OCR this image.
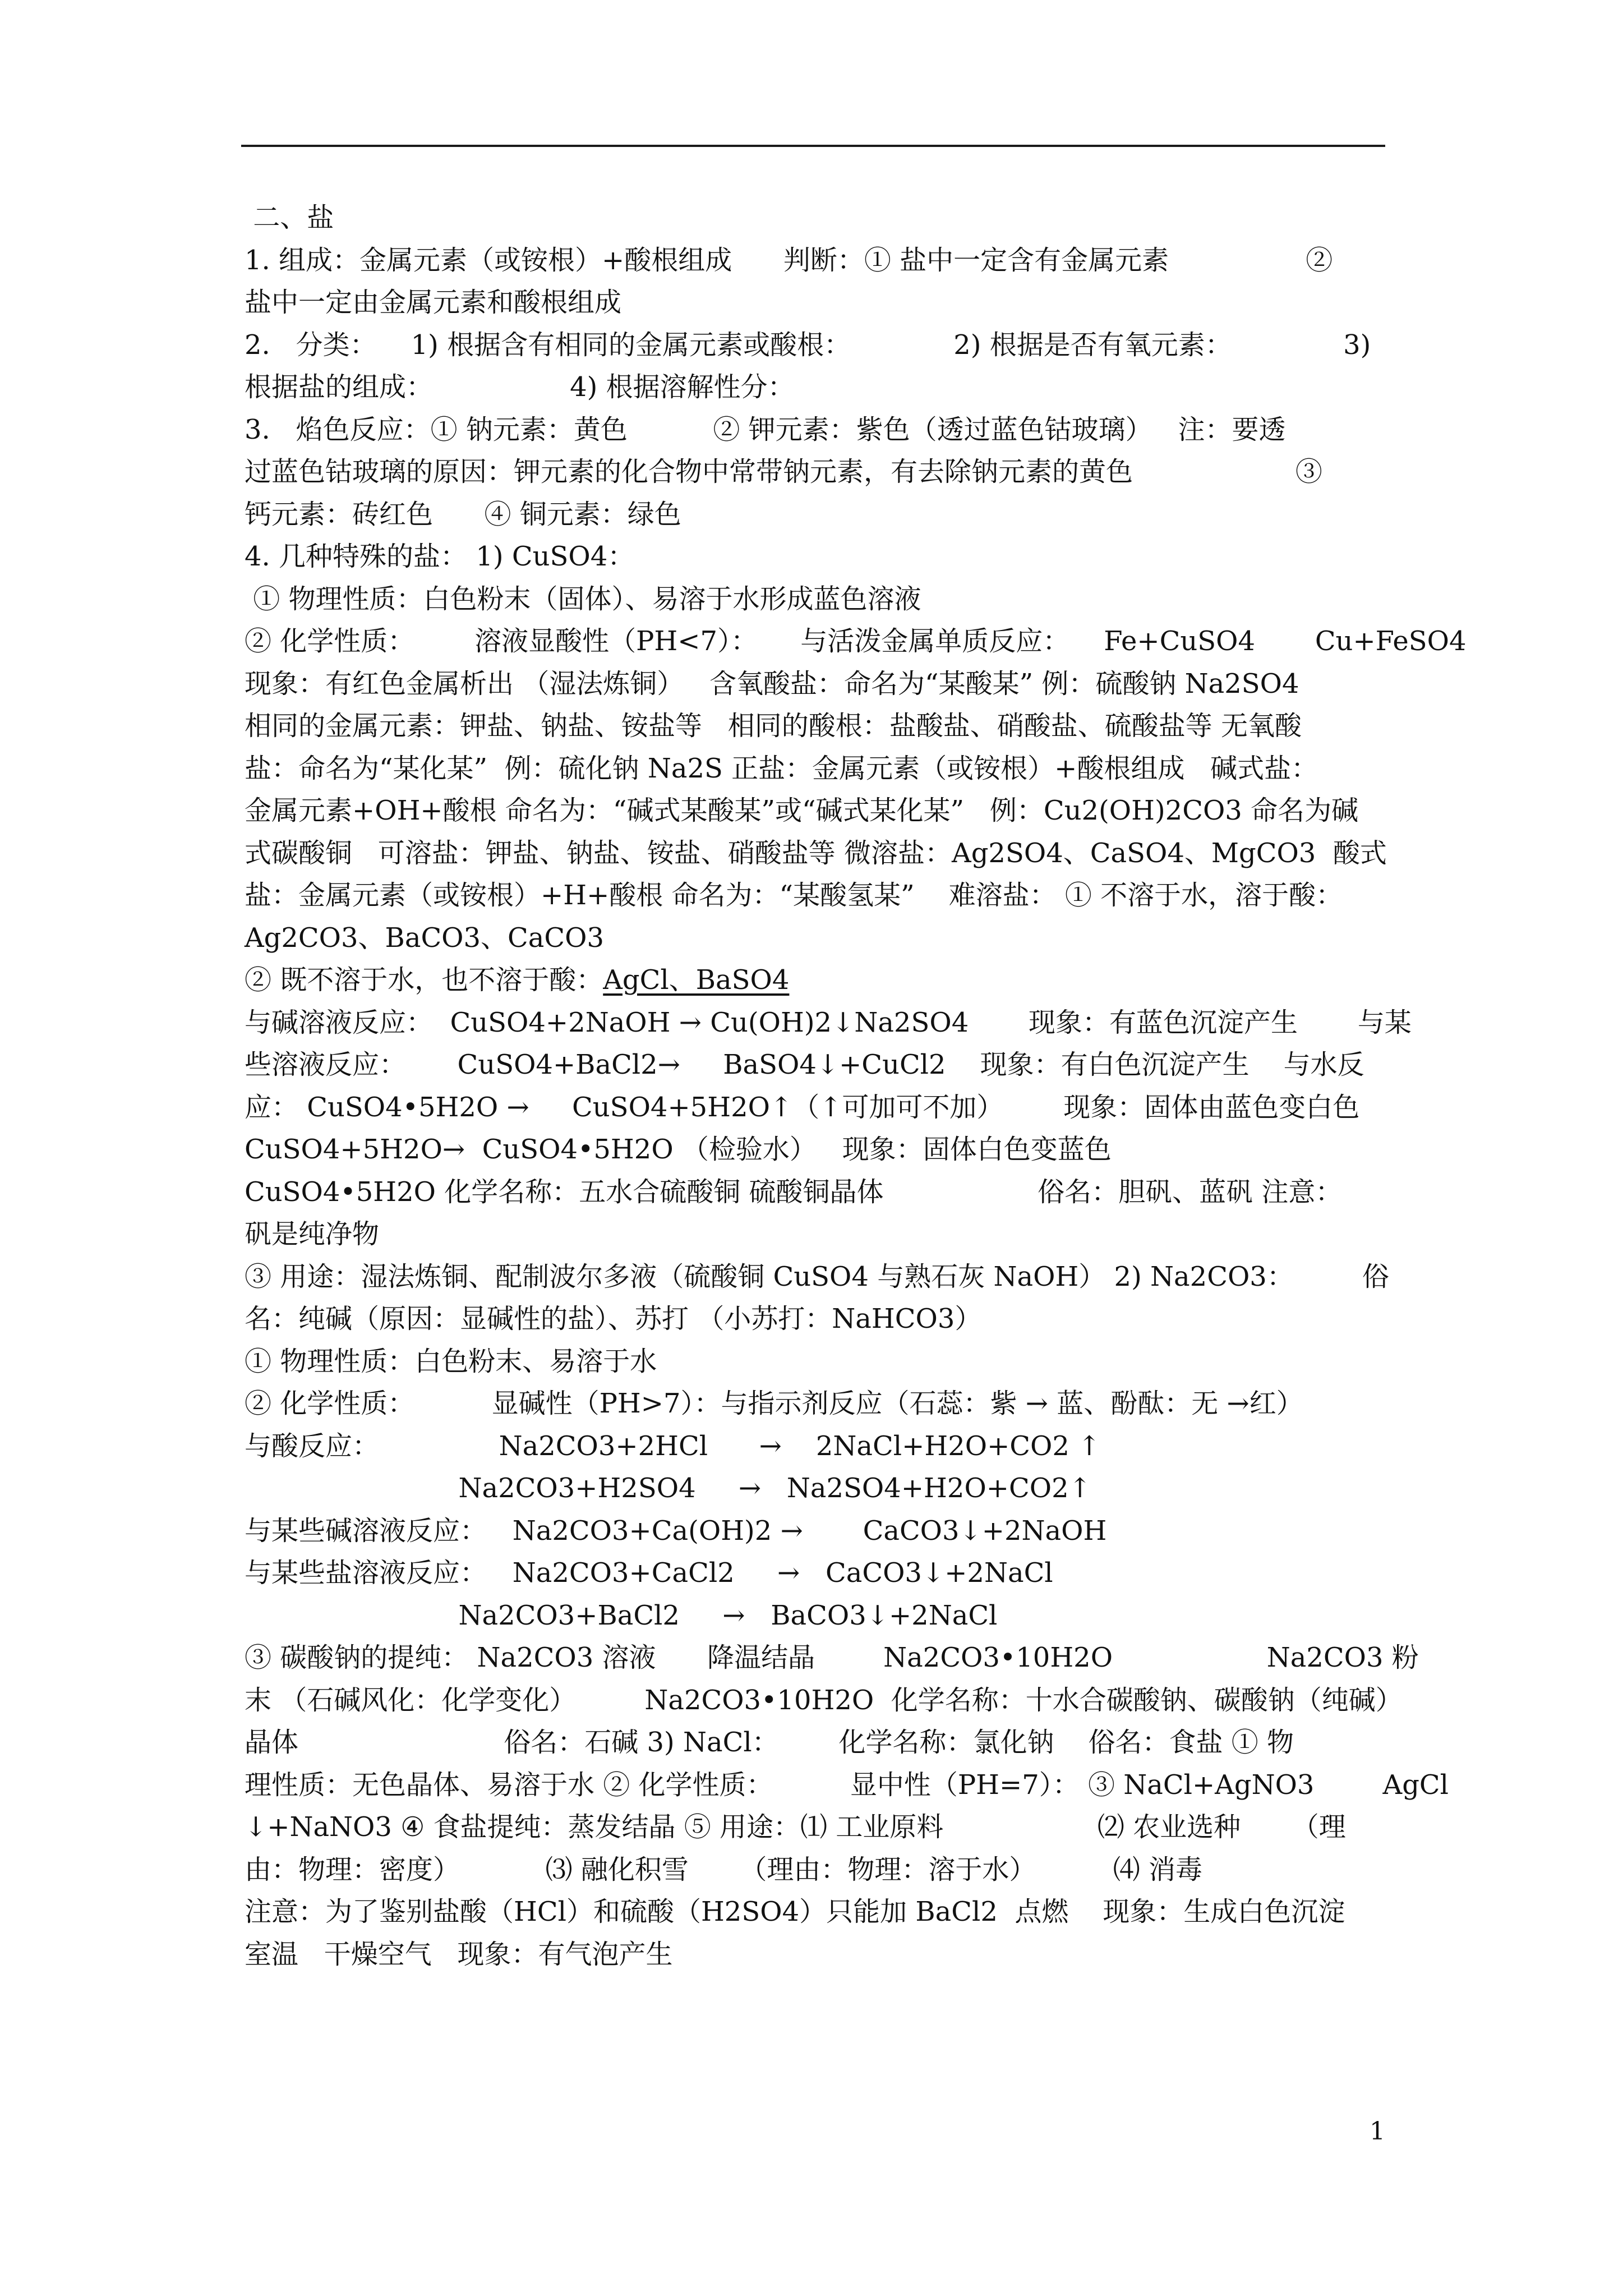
二、盐
1. 组成：金属元素（或铵根）+酸根组成      判断：① 盐中一定含有金属元素                ②
盐中一定由金属元素和酸根组成
2.   分类：    1) 根据含有相同的金属元素或酸根：            2) 根据是否有氧元素：             3)
根据盐的组成：                4) 根据溶解性分：
3.   焰色反应：① 钠元素：黄色          ② 钾元素：紫色（透过蓝色钴玻璃）   注：要透
过蓝色钴玻璃的原因：钾元素的化合物中常带钠元素，有去除钠元素的黄色                   ③
钙元素：砖红色      ④ 铜元素：绿色
4. 几种特殊的盐： 1) CuSO4：
① 物理性质：白色粉末（固体）、易溶于水形成蓝色溶液
② 化学性质：       溶液显酸性（PH<7）：     与活泼金属单质反应：    Fe+CuSO4       Cu+FeSO4
现象：有红色金属析出 （湿法炼铜）   含氧酸盐：命名为“某酸某” 例：硫酸钠 Na2SO4
相同的金属元素：钾盐、钠盐、铵盐等   相同的酸根：盐酸盐、硝酸盐、硫酸盐等 无氧酸
盐：命名为“某化某”  例：硫化钠 Na2S 正盐：金属元素（或铵根）+酸根组成   碱式盐：
金属元素+OH+酸根 命名为：“碱式某酸某”或“碱式某化某”   例：Cu2(OH)2CO3 命名为碱
式碳酸铜   可溶盐：钾盐、钠盐、铵盐、硝酸盐等 微溶盐：Ag2SO4、CaSO4、MgCO3  酸式
盐：金属元素（或铵根）+H+酸根 命名为：“某酸氢某”    难溶盐： ① 不溶于水，溶于酸：
Ag2CO3、BaCO3、CaCO3
② 既不溶于水，也不溶于酸：AgCl、BaSO4
与碱溶液反应：  CuSO4+2NaOH → Cu(OH)2↓Na2SO4       现象：有蓝色沉淀产生       与某
些溶液反应：      CuSO4+BaCl2→     BaSO4↓+CuCl2    现象：有白色沉淀产生    与水反
应： CuSO4•5H2O →     CuSO4+5H2O↑（↑可加可不加）       现象：固体由蓝色变白色
CuSO4+5H2O→  CuSO4•5H2O （检验水）   现象：固体白色变蓝色
CuSO4•5H2O 化学名称：五水合硫酸铜 硫酸铜晶体                  俗名：胆矾、蓝矾 注意：
矾是纯净物
③ 用途：湿法炼铜、配制波尔多液（硫酸铜 CuSO4 与熟石灰 NaOH） 2) Na2CO3：        俗
名：纯碱（原因：显碱性的盐）、苏打 （小苏打：NaHCO3）
① 物理性质：白色粉末、易溶于水
② 化学性质：         显碱性（PH>7）：与指示剂反应（石蕊：紫 → 蓝、酚酞：无 →红）
与酸反应：              Na2CO3+2HCl      →    2NaCl+H2O+CO2 ↑
Na2CO3+H2SO4     →   Na2SO4+H2O+CO2↑
与某些碱溶液反应：   Na2CO3+Ca(OH)2 →       CaCO3↓+2NaOH
与某些盐溶液反应：   Na2CO3+CaCl2     →   CaCO3↓+2NaCl
Na2CO3+BaCl2     →   BaCO3↓+2NaCl
③ 碳酸钠的提纯： Na2CO3 溶液      降温结晶        Na2CO3•10H2O                  Na2CO3 粉
末 （石碱风化：化学变化）        Na2CO3•10H2O  化学名称：十水合碳酸钠、碳酸钠（纯碱）
晶体                        俗名：石碱 3) NaCl：       化学名称：氯化钠    俗名：食盐 ① 物
理性质：无色晶体、易溶于水 ② 化学性质：         显中性（PH=7）： ③ NaCl+AgNO3        AgCl
↓+NaNO3 ④ 食盐提纯：蒸发结晶 ⑤ 用途：⑴ 工业原料                  ⑵ 农业选种      （理
由：物理：密度）          ⑶ 融化积雪      （理由：物理：溶于水）         ⑷ 消毒
注意：为了鉴别盐酸（HCl）和硫酸（H2SO4）只能加 BaCl2  点燃    现象：生成白色沉淀
室温   干燥空气   现象：有气泡产生
1
